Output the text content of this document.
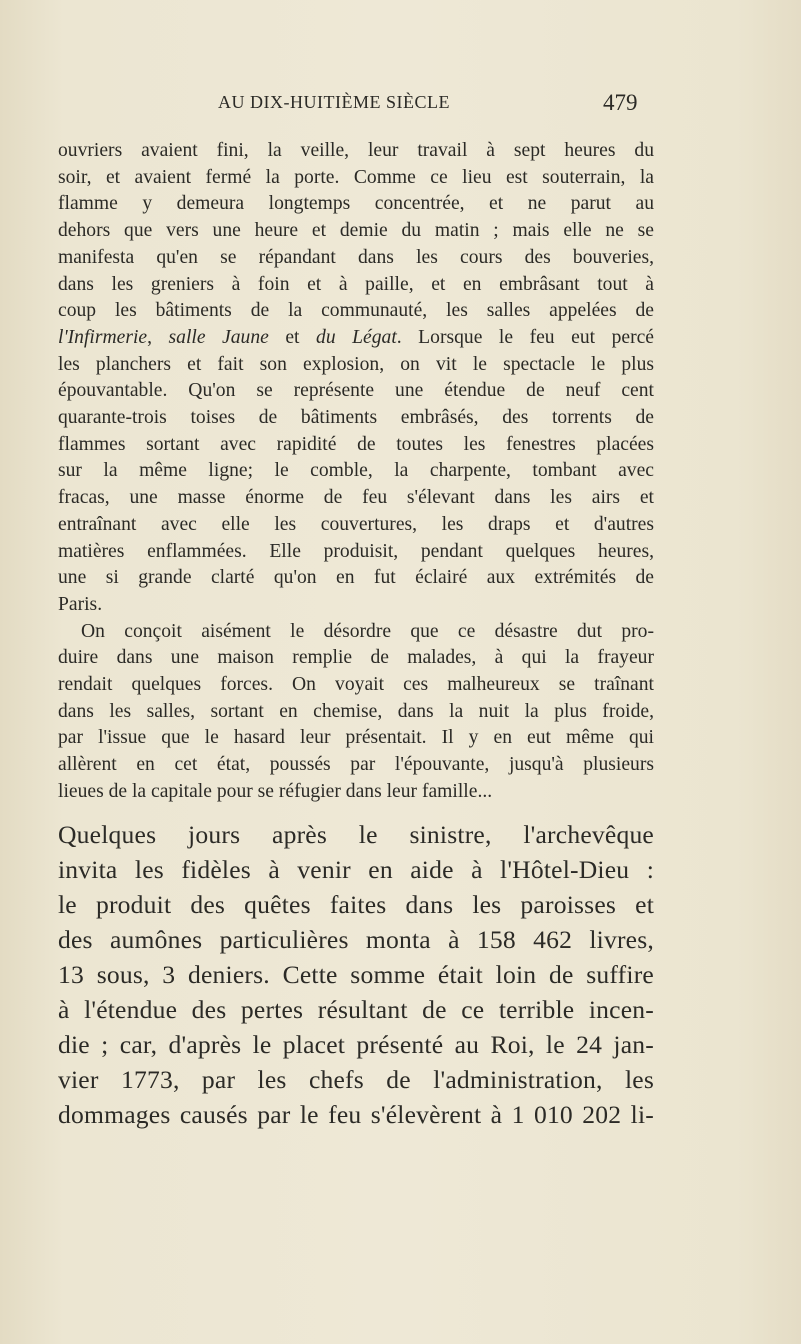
AU DIX-HUITIÈME SIÈCLE	479
ouvriers avaient fini, la veille, leur travail à sept heures du
soir, et avaient fermé la porte. Comme ce lieu est souterrain, la
flamme y demeura longtemps concentrée, et ne parut au
dehors que vers une heure et demie du matin ; mais elle ne se
manifesta qu'en se répandant dans les cours des bouveries,
dans les greniers à foin et à paille, et en embrâsant tout à
coup les bâtiments de la communauté, les salles appelées de
l'Infirmerie, salle Jaune et du Légat. Lorsque le feu eut percé
les planchers et fait son explosion, on vit le spectacle le plus
épouvantable. Qu'on se représente une étendue de neuf cent
quarante-trois toises de bâtiments embrâsés, des torrents de
flammes sortant avec rapidité de toutes les fenestres placées
sur la même ligne; le comble, la charpente, tombant avec
fracas, une masse énorme de feu s'élevant dans les airs et
entraînant avec elle les couvertures, les draps et d'autres
matières enflammées. Elle produisit, pendant quelques heures,
une si grande clarté qu'on en fut éclairé aux extrémités de
Paris.
On conçoit aisément le désordre que ce désastre dut pro-
duire dans une maison remplie de malades, à qui la frayeur
rendait quelques forces. On voyait ces malheureux se traînant
dans les salles, sortant en chemise, dans la nuit la plus froide,
par l'issue que le hasard leur présentait. Il y en eut même qui
allèrent en cet état, poussés par l'épouvante, jusqu'à plusieurs
lieues de la capitale pour se réfugier dans leur famille...
Quelques jours après le sinistre, l'archevêque
invita les fidèles à venir en aide à l'Hôtel-Dieu :
le produit des quêtes faites dans les paroisses et
des aumônes particulières monta à 158 462 livres,
13 sous, 3 deniers. Cette somme était loin de suffire
à l'étendue des pertes résultant de ce terrible incen-
die ; car, d'après le placet présenté au Roi, le 24 jan-
vier 1773, par les chefs de l'administration, les
dommages causés par le feu s'élevèrent à 1 010 202 li-
